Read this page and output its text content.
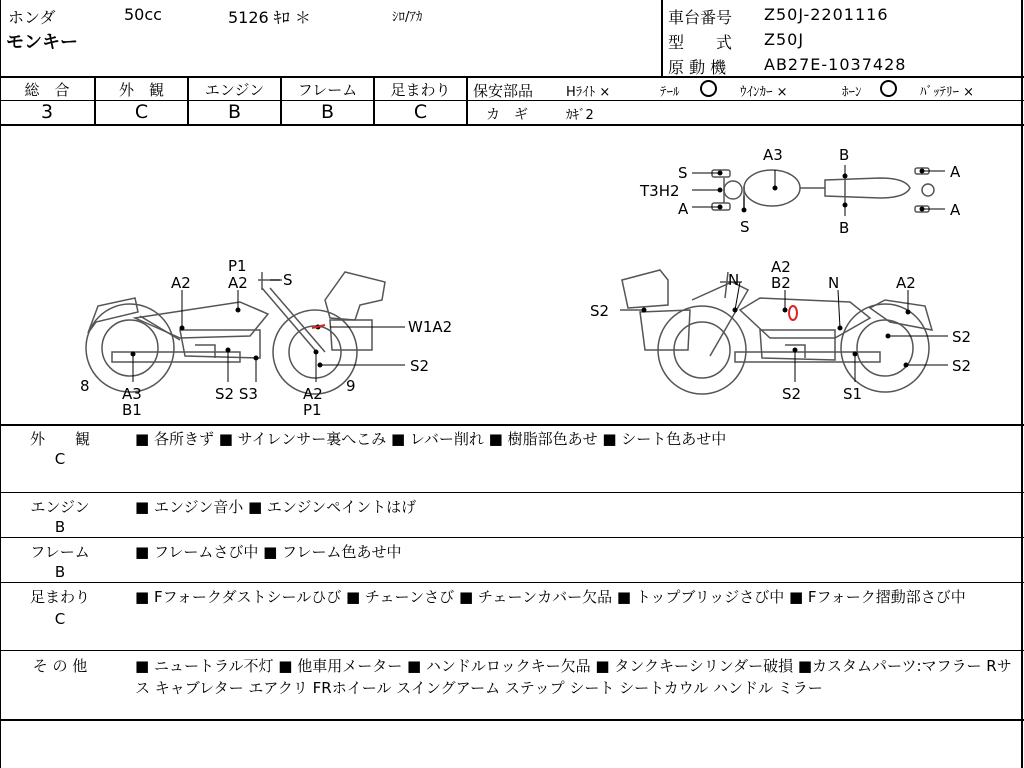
ホンダ
モンキー
50cc	5126 ｷﾛ ＊	ｼﾛ/ｱｶ	車台番号 Z50J-2201116
型　　式 Z50J
原 動 機 AB27E-1037428
総　合
3
外　観
C
エンジン
B
フレーム
B
足まわり
C
保安部品	Hﾗｲﾄ ×	ﾃｰﾙ	ｳｲﾝｶｰ ×	ﾎｰﾝ	ﾊﾞｯﾃﾘｰ ×
カ　ギ	ｶｷﾞ2
S
T3H2
A
S
A3	B
B
A
A
P1
A2 S
A2
W1A2
S2
8	9
A3
B1
S2 S3	A2
P1
N
A2
B2 N	A2
S2
S2
S2
S2	S1
外　　観
C
■ 各所きず ■ サイレンサー裏へこみ ■ レバー削れ ■ 樹脂部色あせ ■ シート色あせ中
エンジン
B
■ エンジン音小 ■ エンジンペイントはげ
フレーム
B
■ フレームさび中 ■ フレーム色あせ中
足まわり
C
■ Fフォークダストシールひび ■ チェーンさび ■ チェーンカバー欠品 ■ トップブリッジさび中 ■ Fフォーク摺動部さび中
そ の 他	■ ニュートラル不灯 ■ 他車用メーター ■ ハンドルロックキー欠品 ■ タンクキーシリンダー破損 ■カスタムパーツ:マフラー Rサス キャブレター エアクリ FRホイール スイングアーム ステップ シート シートカウル ハンドル ミラー
